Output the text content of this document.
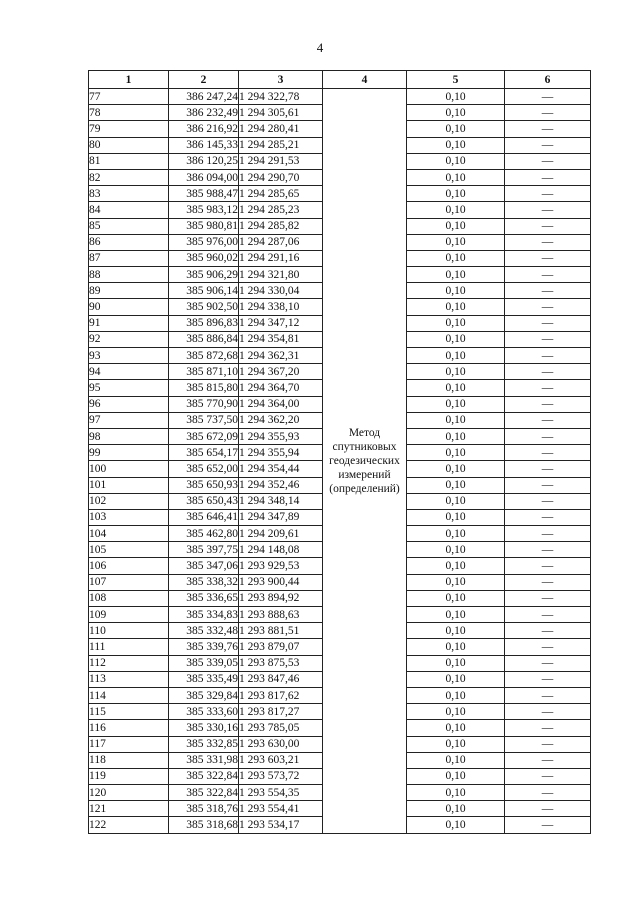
4
1	2	3	4	5	6
77	386 247,24	1 294 322,78	Метод
спутниковых
геодезических
измерений
(определений)	0,10	—
78	386 232,49	1 294 305,61		0,10	—
79	386 216,92	1 294 280,41		0,10	—
80	386 145,33	1 294 285,21		0,10	—
81	386 120,25	1 294 291,53		0,10	—
82	386 094,00	1 294 290,70		0,10	—
83	385 988,47	1 294 285,65		0,10	—
84	385 983,12	1 294 285,23		0,10	—
85	385 980,81	1 294 285,82		0,10	—
86	385 976,00	1 294 287,06		0,10	—
87	385 960,02	1 294 291,16		0,10	—
88	385 906,29	1 294 321,80		0,10	—
89	385 906,14	1 294 330,04		0,10	—
90	385 902,50	1 294 338,10		0,10	—
91	385 896,83	1 294 347,12		0,10	—
92	385 886,84	1 294 354,81		0,10	—
93	385 872,68	1 294 362,31		0,10	—
94	385 871,10	1 294 367,20		0,10	—
95	385 815,80	1 294 364,70		0,10	—
96	385 770,90	1 294 364,00		0,10	—
97	385 737,50	1 294 362,20		0,10	—
98	385 672,09	1 294 355,93		0,10	—
99	385 654,17	1 294 355,94		0,10	—
100	385 652,00	1 294 354,44		0,10	—
101	385 650,93	1 294 352,46		0,10	—
102	385 650,43	1 294 348,14		0,10	—
103	385 646,41	1 294 347,89		0,10	—
104	385 462,80	1 294 209,61		0,10	—
105	385 397,75	1 294 148,08		0,10	—
106	385 347,06	1 293 929,53		0,10	—
107	385 338,32	1 293 900,44		0,10	—
108	385 336,65	1 293 894,92		0,10	—
109	385 334,83	1 293 888,63		0,10	—
110	385 332,48	1 293 881,51		0,10	—
111	385 339,76	1 293 879,07		0,10	—
112	385 339,05	1 293 875,53		0,10	—
113	385 335,49	1 293 847,46		0,10	—
114	385 329,84	1 293 817,62		0,10	—
115	385 333,60	1 293 817,27		0,10	—
116	385 330,16	1 293 785,05		0,10	—
117	385 332,85	1 293 630,00		0,10	—
118	385 331,98	1 293 603,21		0,10	—
119	385 322,84	1 293 573,72		0,10	—
120	385 322,84	1 293 554,35		0,10	—
121	385 318,76	1 293 554,41		0,10	—
122	385 318,68	1 293 534,17		0,10	—
